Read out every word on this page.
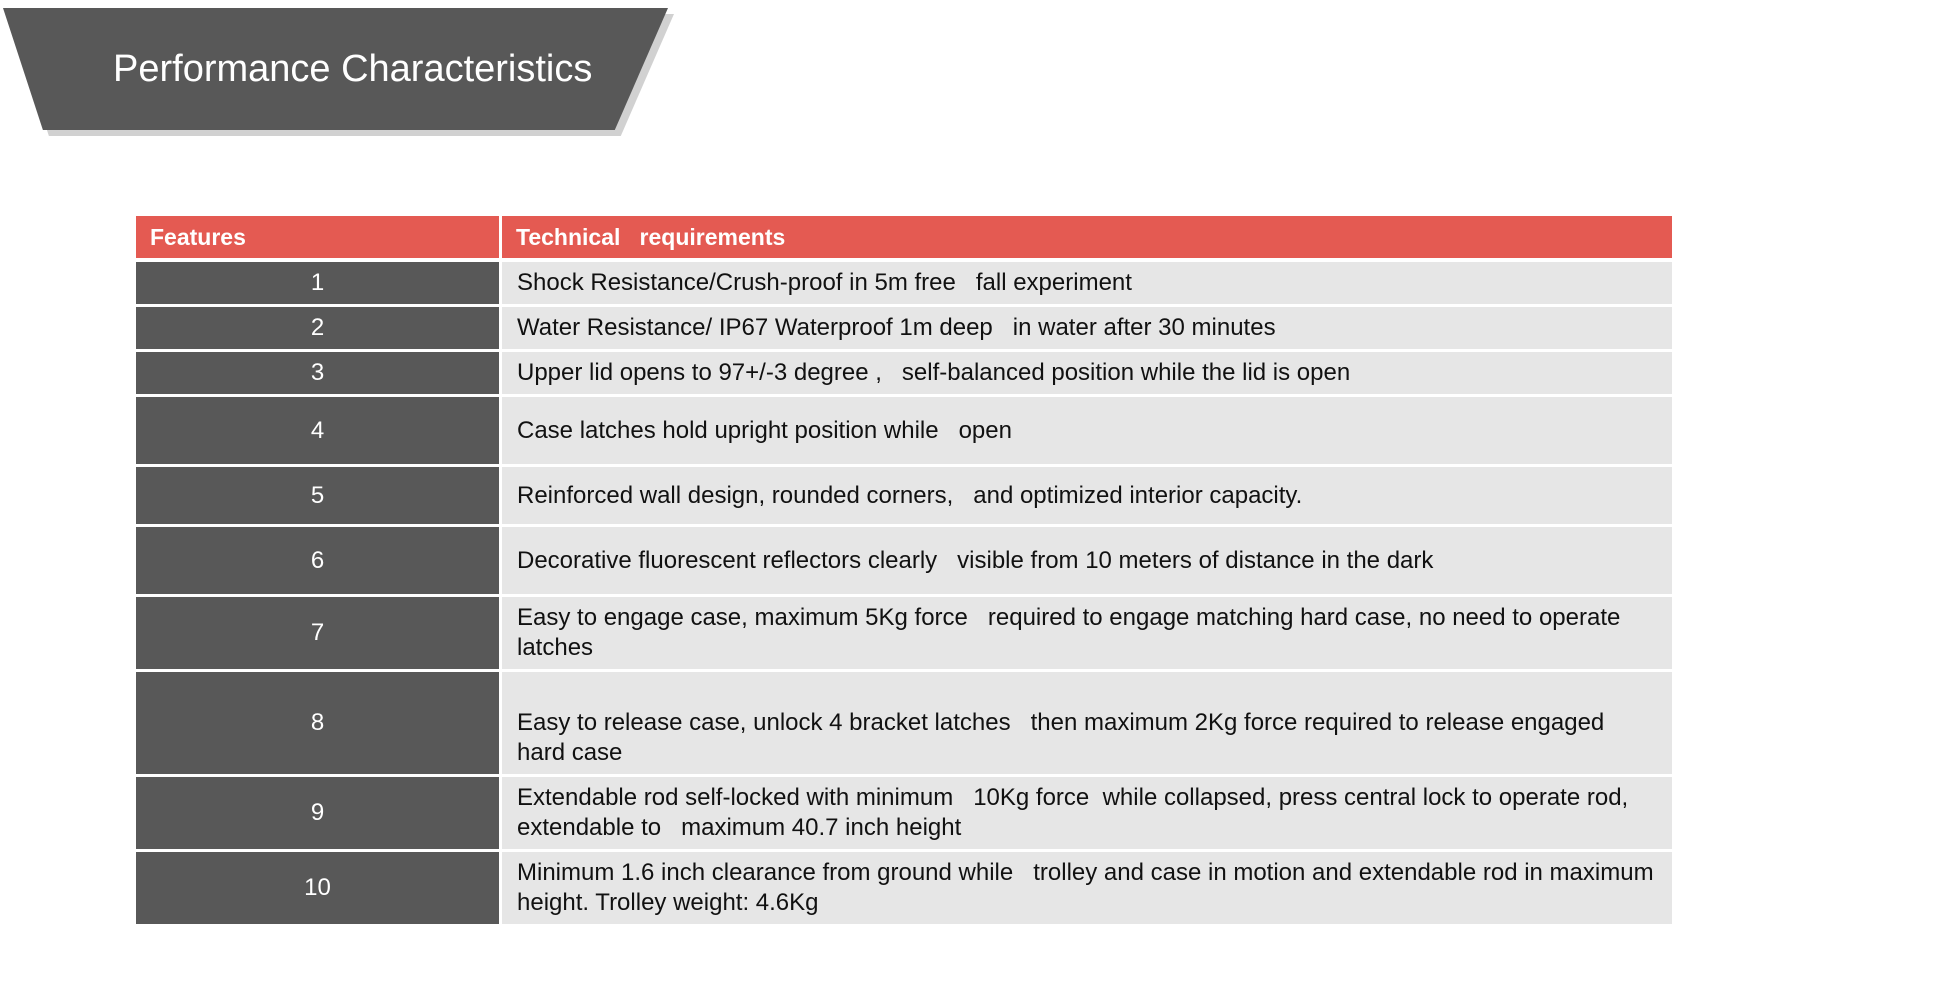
Performance Characteristics
Features	Technical   requirements
1	Shock Resistance/Crush-proof in 5m free   fall experiment
2	Water Resistance/ IP67 Waterproof 1m deep   in water after 30 minutes
3	Upper lid opens to 97+/-3 degree ,   self-balanced position while the lid is open
4	Case latches hold upright position while   open
5	Reinforced wall design, rounded corners,   and optimized interior capacity.
6	Decorative fluorescent reflectors clearly   visible from 10 meters of distance in the dark
7	Easy to engage case, maximum 5Kg force   required to engage matching hard case, no need to operate latches
8	Easy to release case, unlock 4 bracket latches   then maximum 2Kg force required to release engaged hard case
9	Extendable rod self-locked with minimum   10Kg force  while collapsed, press central lock to operate rod, extendable to   maximum 40.7 inch height
10	Minimum 1.6 inch clearance from ground while   trolley and case in motion and extendable rod in maximum height. Trolley weight: 4.6Kg
